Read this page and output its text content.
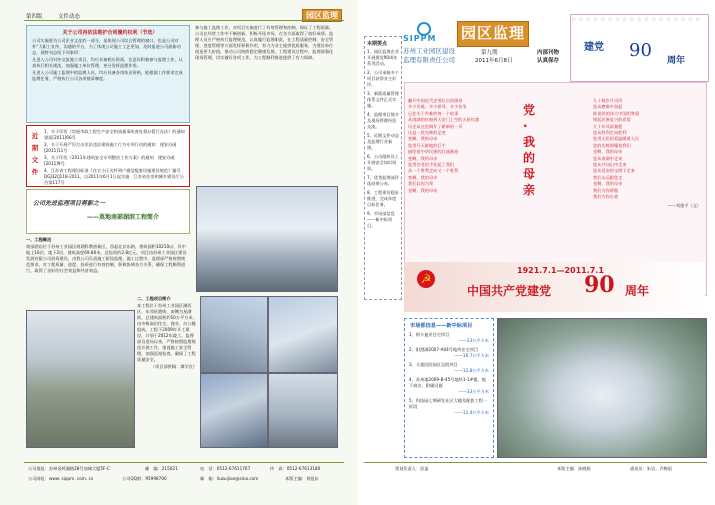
第四版	文件动态	园区监理
关于公司再依法维护合同履约权利（节选）

公司实施要为公司企业文化的一部分，是体现公司综合管理的窗口，也是公司对外“大职工宣传、沟通的平台，为了体现公司施工工艺更加，及时报道公司最新动态，现特刊总结下列事项：

凡进入公司对外交流施工项目，均应具备相应资质，注意好积极参与监理工作，认真执行相关规范，加强施工单位管理，充分发挥监理作用。

凡进入公司施工监理中的监理人员，均应具备各岗执业资格，能根据工作要求完成监理任务，严格执行公司各项规章制度。

近
期
文
件
1、关于印发《房屋市政工程生产安全和质量事故查处督办暂行办法》的通知　建质[2011]66号
2、关于开展严厉打击非法违法建筑施工行为专项行动的通知　建安办函[2011]11号
3、关于印发《2011年建筑安全专项整治工作方案》的通知　建安办函[2011]9号
4、江苏省工程建设标准《住宅小区光纤到户通信配套设施建设规范》编号 DGJ32/J118-2011，自2011年6月1日起实施　江苏省住房和城乡建设厅公告第117号
公司先进监理项目剪影之一
——莫地南部湖滨工程简介

一、工程概况

商部酒店位于苏州工业园区商湖科教创新区，西起北京东路，建筑面积10210㎡，其中地上16层，地下2层，建筑高度69.80米，总投资约2.8亿元。项目由苏州工业园区建设发展有限公司投资建设，由我公司负责施工阶段监理。施工过程中，监理部严格按照规范要求，对工程质量、进度、投资进行有效控制，积极协调各方关系，确保工程顺利进行，取得了良好的社会效益和经济效益。

二、工程项目简介

本工程位于苏州工业园区湖西区，东邻星港街，南侧为星湖街，总建筑面积约50万平方米，由多栋高层住宅、商业、办公楼组成。工程于2009年开工建设，计划于2012年竣工。监理部自进场以来，严格按照监理规范开展工作，重视施工安全管理，加强巡视检查，确保了工程质量安全。

（项目部供稿：谭学宣）

参与施工监理工作，对项目实施进行了有效管理和控制，保证了工程质量。公司在经营工作中不断创新，积极开拓市场，在各方面取得了较好成绩。监理人员应严格执行监理规范，认真履行监理职责，在工程质量控制、安全管理、进度管理等方面发挥积极作用，努力为业主提供优质服务，为建设单位创造更大价值，推动公司持续稳定健康发展。工程建设过程中，监理部强化现场管理，切实做好各项工作，为工程顺利推进提供了有力保障。

公司地址：苏州金鸡湖路28号加城大厦5F-C	邮　编：215021	电　话：0512-67611767	传　真：0512-67613180
公司网址：www. sippm. com. cn	公司QQ群：95998700	邮　箱：liuzuijian@sina.com	本版主编：刘旭东
本期要点
1、园区监理企业开展建党90周年系列活动。
2、公司承接多个项目获得业主好评。
3、新版质量管理体系文件正式实施。
4、监理项目简介及现场管理经验交流。
5、近期文件动态及监理行业新规。
6、公司组织员工开展安全知识培训。
7、优秀监理部评选结果公布。
8、工程建设稳步推进，完成年度目标任务。
9、市场部信息——新中标项目。
SIPPM
苏州工业园区建设
监理有限责任公司
园区监理
第九期
2011年6月8日
内部刊物
认真保存
☆ ☆ ☆ ☆ ☆ ☆ ☆ ☆ ☆ ☆ ☆ ☆ ☆ ☆ ☆ ☆ ☆ ☆
建党 90 周年
翻开中国近代史那长长的画卷
多少苦难，多少屈辱，多少抗争
记住关于苦难的每一个故事
从南湖的红船到天安门上空的五星红旗
历史从这里揭开了崭新的一页
这是一段光辉的足迹
变啊，我的母亲
您用开天辟地的巨手
描绘着中华民族的壮丽画卷
变啊，我的母亲
您用苍老的手托起了我们
从一个胜利走向又一个胜利
变啊，我的母亲
我们以你为荣
党啊，我的母亲
党·我的母亲
九十载岁月风风
您从磨难中奋起
谁说你的伟大中国的脊梁
撑起民族复兴的希望
九十年风雨兼程
您从胜利走向胜利
您用无私的爱温暖着人民
您的光辉照耀着我们
党啊，我的母亲
您从南湖中走来
您从井冈山中走来
您从延安的宝塔下走来
我们永远跟您走
党啊，我的母亲
我们为你骄傲
我们为你自豪
——刘建平（文）
☭
1921.7.1—2011.7.1
中国共产党建党 90 周年
市场部信息——新中标项目
1、阿卡迪亚住宅项目
——23万平方米
2、阳澄湖2007-A04号地块住宅项目
——16.7万平方米
3、儿童医院园区总院项目
——12.8万平方米
4、苏州地2009-B-45号地块1-1#楼、地下商业、附属设施
——33万平方米
5、科技园七期研发社区大楼及配套工程一标段
——11.4万平方米
策划负责人：彭盈	本版主编：孙晓娟	通讯员：朱岩、乔梅雨
